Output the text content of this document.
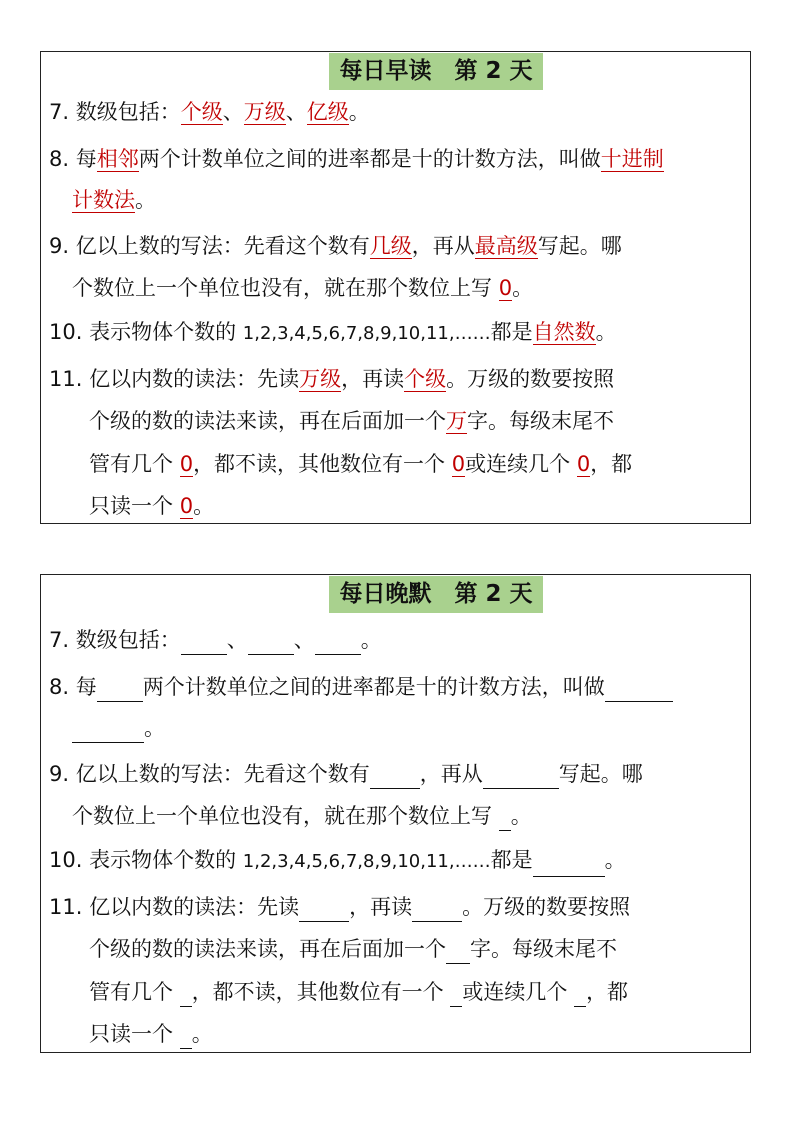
每日早读　第 2 天
7. 数级包括：个级、万级、亿级。
8. 每相邻两个计数单位之间的进率都是十的计数方法，叫做十进制
计数法。
9. 亿以上数的写法：先看这个数有几级，再从最高级写起。哪
个数位上一个单位也没有，就在那个数位上写 0。
10. 表示物体个数的 1,2,3,4,5,6,7,8,9,10,11,……都是自然数。
11. 亿以内数的读法：先读万级，再读个级。万级的数要按照
个级的数的读法来读，再在后面加一个万字。每级末尾不
管有几个 0，都不读，其他数位有一个 0或连续几个 0，都
只读一个 0。
每日晚默　第 2 天
7. 数级包括： 、 、 。
8. 每 两个计数单位之间的进率都是十的计数方法，叫做
。
9. 亿以上数的写法：先看这个数有 ，再从	写起。哪
个数位上一个单位也没有，就在那个数位上写 。
10. 表示物体个数的 1,2,3,4,5,6,7,8,9,10,11,……都是	。
11. 亿以内数的读法：先读 ，再读 。万级的数要按照
个级的数的读法来读，再在后面加一个 字。每级末尾不
管有几个 ，都不读，其他数位有一个 或连续几个 ，都
只读一个 。
